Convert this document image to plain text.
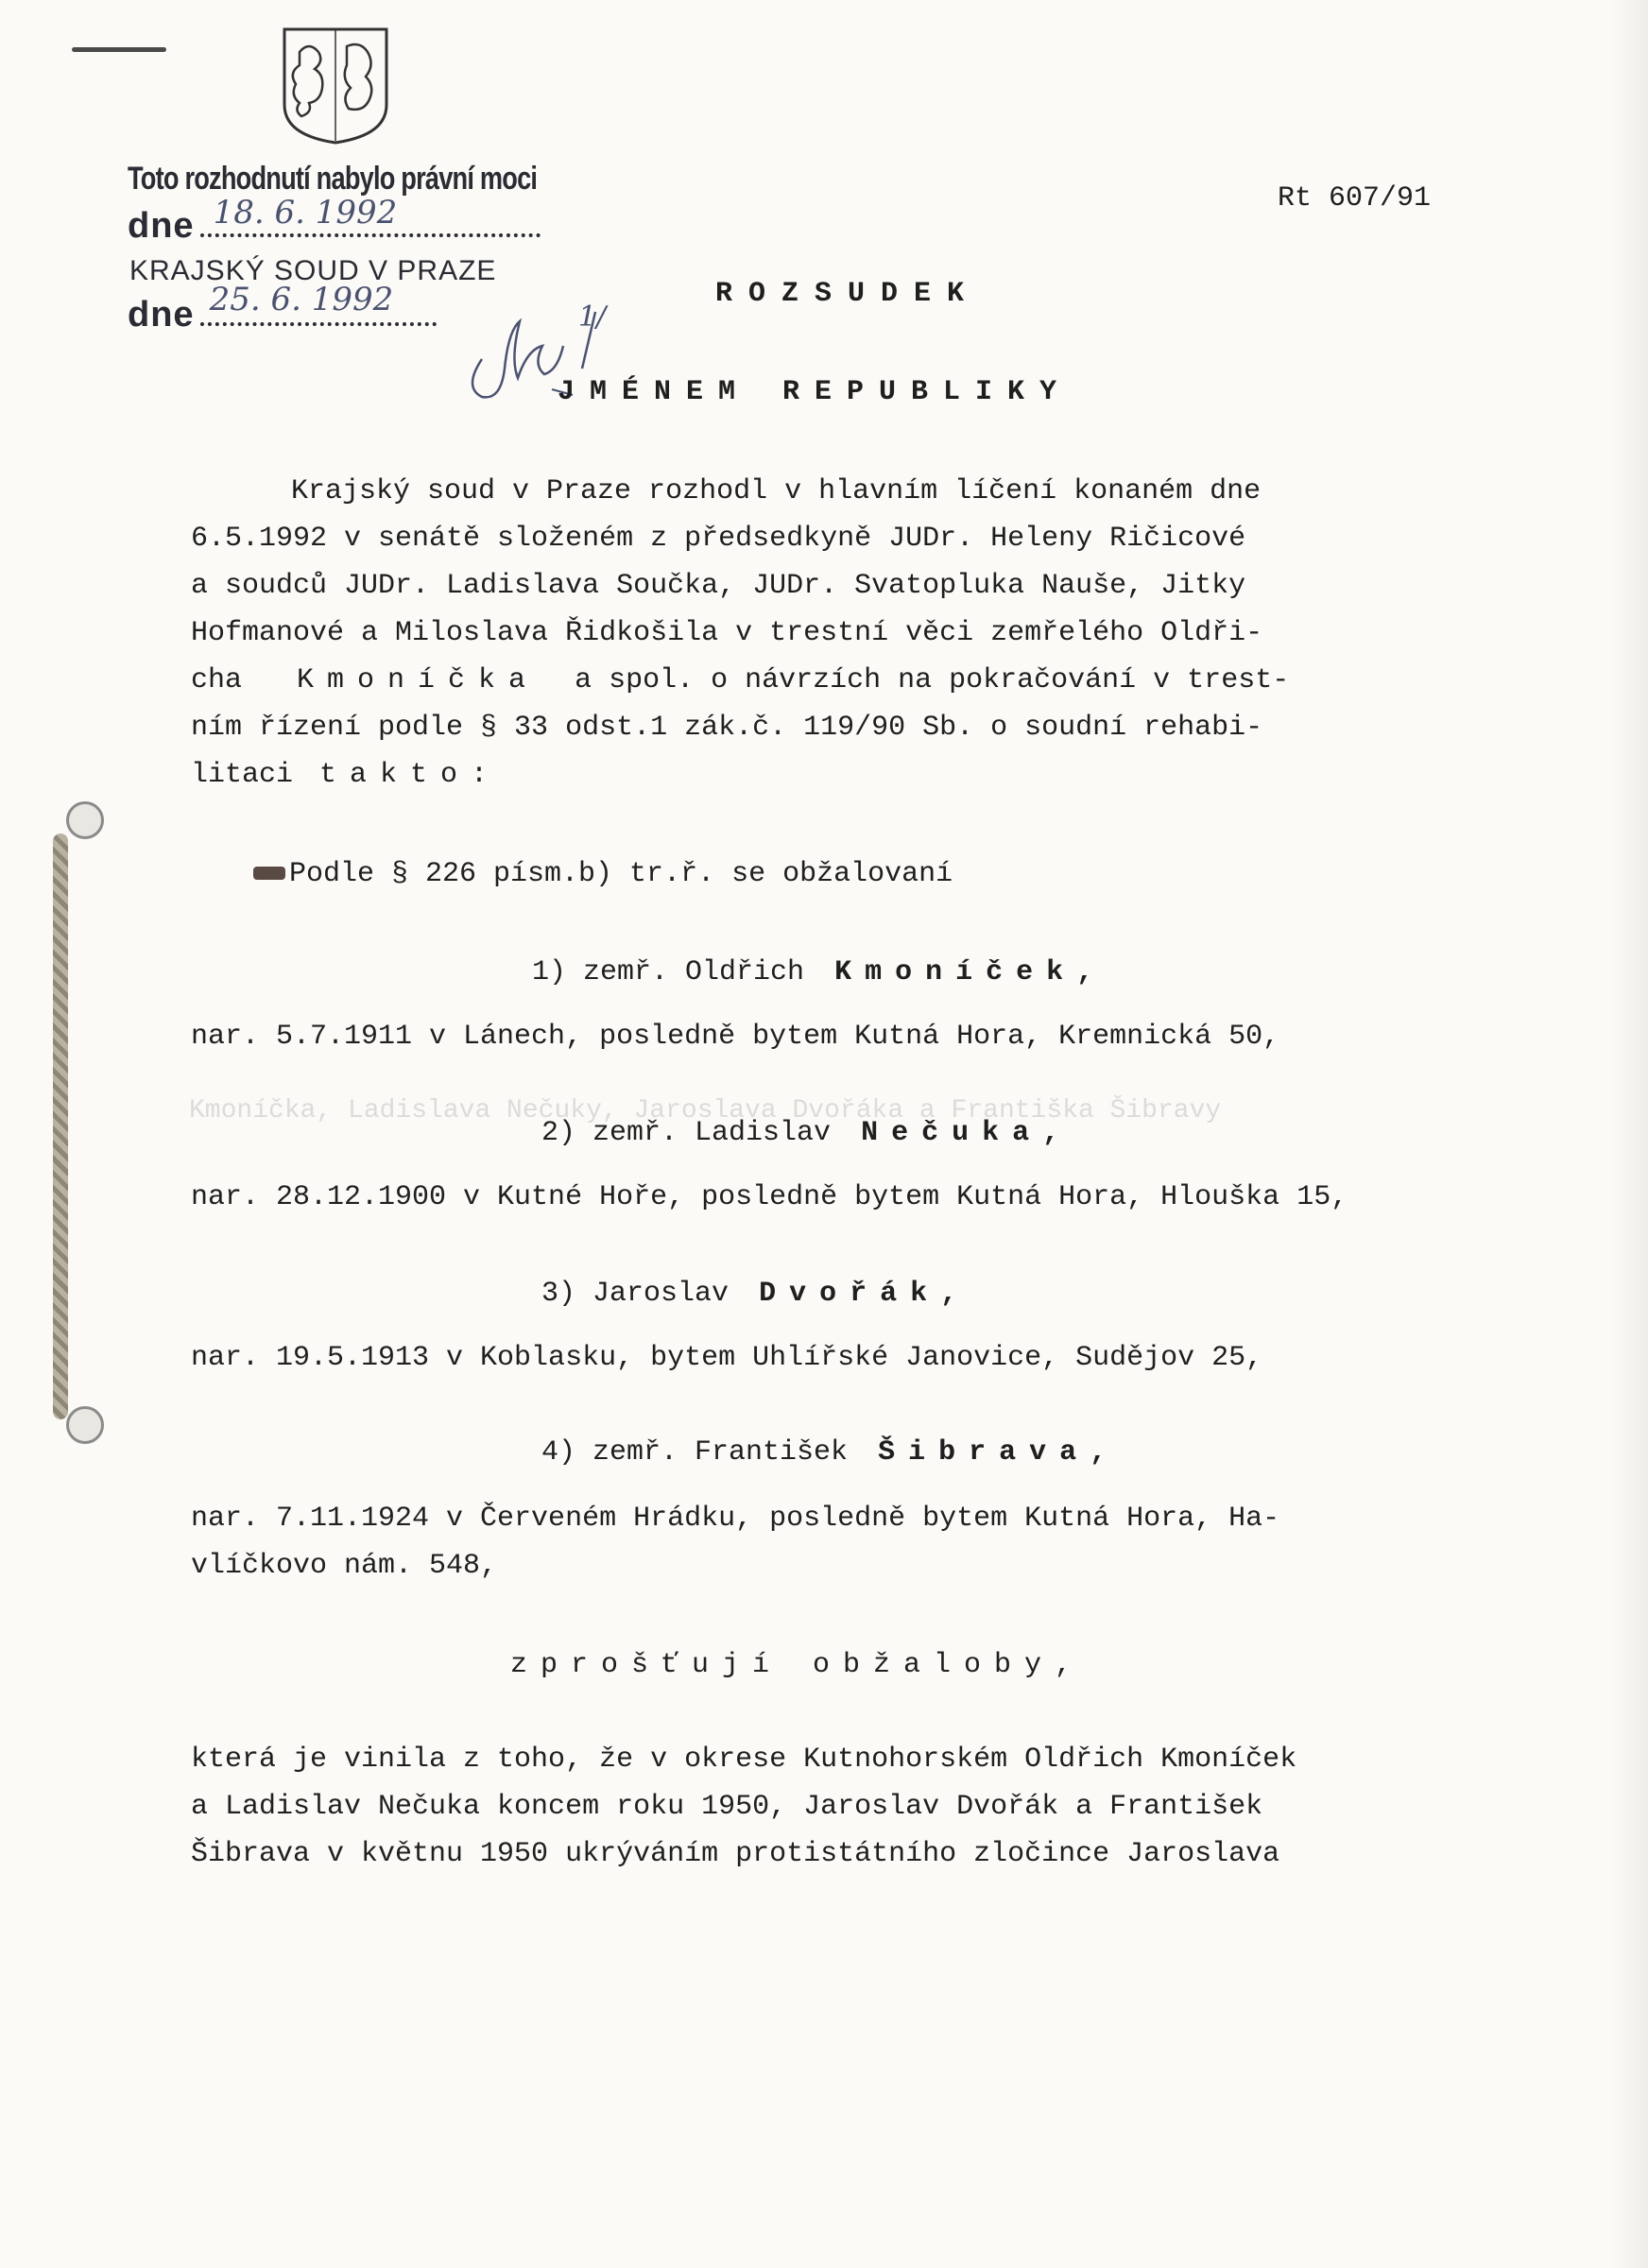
Toto rozhodnutí nabylo právní moci
dne 18. 6. 1992
KRAJSKÝ SOUD V PRAZE
dne 25. 6. 1992	1/
Rt 607/91
ROZSUDEK
JMÉNEM REPUBLIKY
Krajský soud v Praze rozhodl v hlavním líčení konaném dne
6.5.1992 v senátě složeném z předsedkyně JUDr. Heleny Ričicové
a soudců JUDr. Ladislava Součka, JUDr. Svatopluka Nauše, Jitky
Hofmanové a Miloslava Řidkošila v trestní věci zemřelého Oldři-
cha Kmoníčka a spol. o návrzích na pokračování v trest-
ním řízení podle § 33 odst.1 zák.č. 119/90 Sb. o soudní rehabi-
litaci takto:
Podle § 226 písm.b) tr.ř. se obžalovaní
Kmoníčka, Ladislava Nečuky, Jaroslava Dvořáka a Františka Šibravy
1) zemř. Oldřich Kmoníček,
nar. 5.7.1911 v Lánech, posledně bytem Kutná Hora, Kremnická 50,
2) zemř. Ladislav Nečuka,
nar. 28.12.1900 v Kutné Hoře, posledně bytem Kutná Hora, Hlouška 15,
3) Jaroslav Dvořák,
nar. 19.5.1913 v Koblasku, bytem Uhlířské Janovice, Sudějov 25,
4) zemř. František Šibrava,
nar. 7.11.1924 v Červeném Hrádku, posledně bytem Kutná Hora, Ha-
vlíčkovo nám. 548,
zprošťují obžaloby,
která je vinila z toho, že v okrese Kutnohorském Oldřich Kmoníček
a Ladislav Nečuka koncem roku 1950, Jaroslav Dvořák a František
Šibrava v květnu 1950 ukrýváním protistátního zločince Jaroslava
